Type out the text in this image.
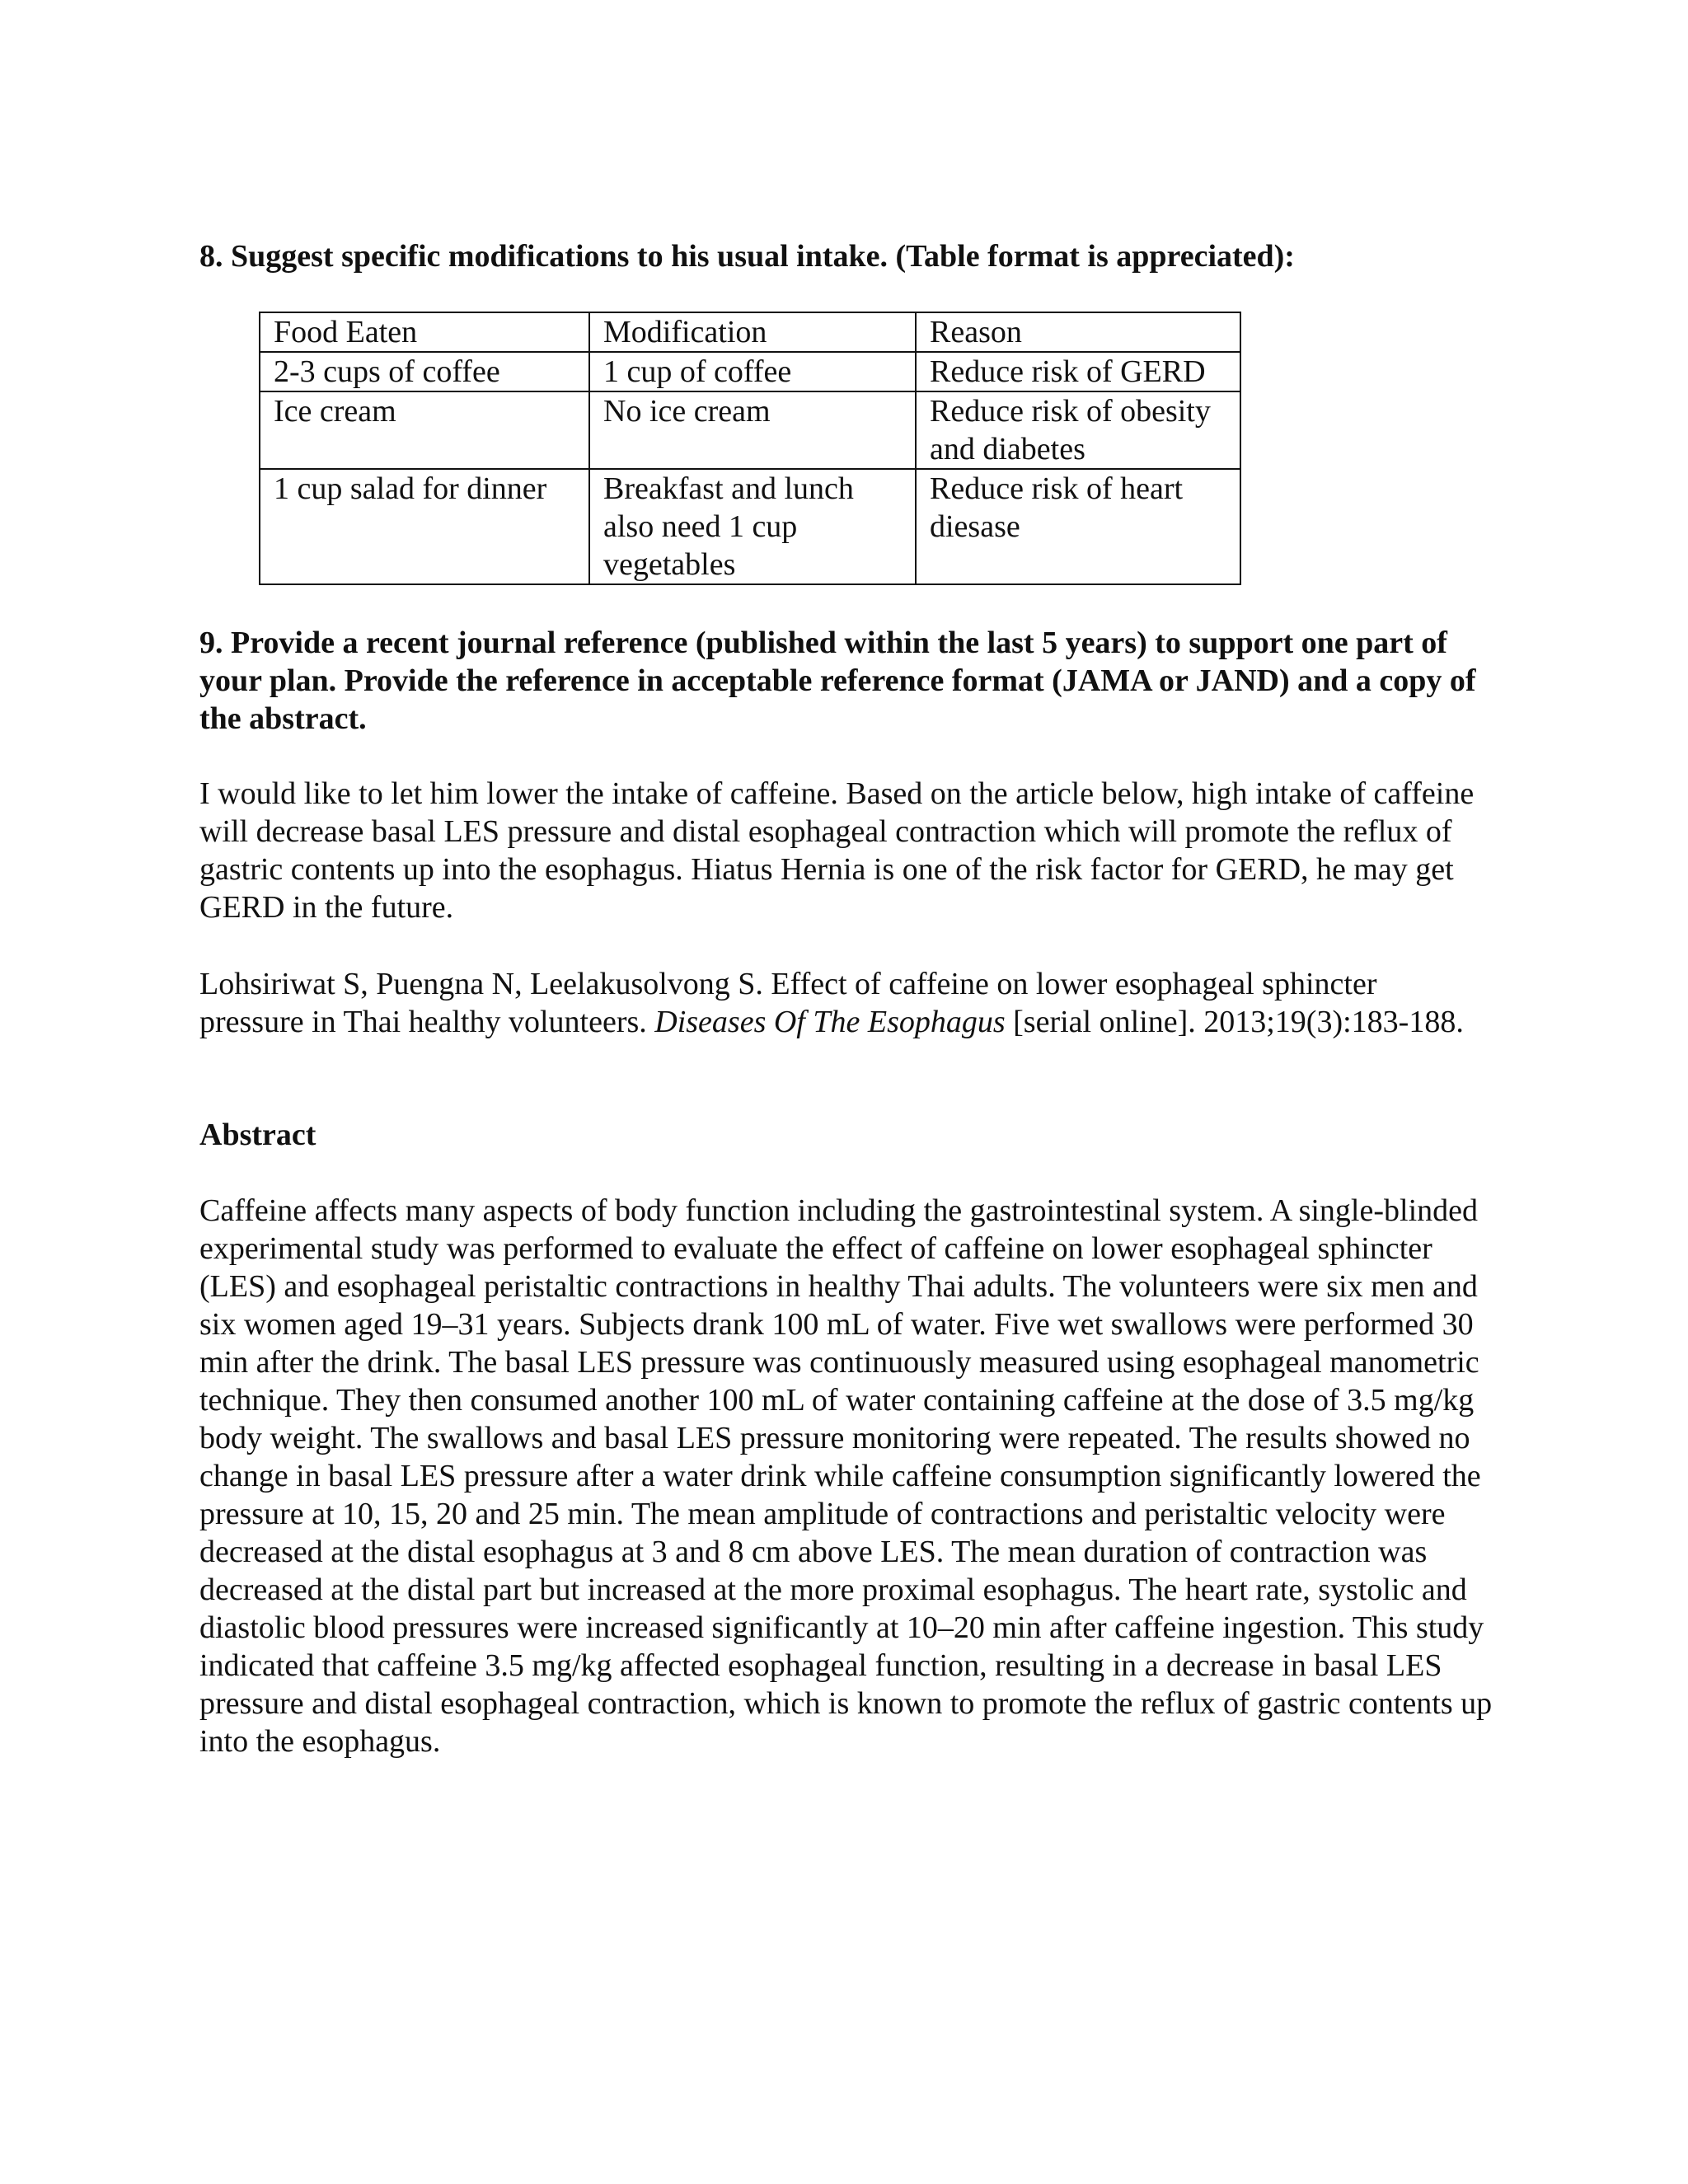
8. Suggest specific modifications to his usual intake. (Table format is appreciated):

Food Eaten	Modification	Reason
2-3 cups of coffee	1 cup of coffee	Reduce risk of GERD
Ice cream	No ice cream	Reduce risk of obesity and diabetes
1 cup salad for dinner	Breakfast and lunch also need 1 cup vegetables	Reduce risk of heart diesase

9. Provide a recent journal reference (published within the last 5 years) to support one part of your plan. Provide the reference in acceptable reference format (JAMA or JAND) and a copy of the abstract.

I would like to let him lower the intake of caffeine. Based on the article below, high intake of caffeine will decrease basal LES pressure and distal esophageal contraction which will promote the reflux of gastric contents up into the esophagus. Hiatus Hernia is one of the risk factor for GERD, he may get GERD in the future.

Lohsiriwat S, Puengna N, Leelakusolvong S. Effect of caffeine on lower esophageal sphincter pressure in Thai healthy volunteers. Diseases Of The Esophagus [serial online]. 2013;19(3):183-188.

Abstract

Caffeine affects many aspects of body function including the gastrointestinal system. A single-blinded experimental study was performed to evaluate the effect of caffeine on lower esophageal sphincter (LES) and esophageal peristaltic contractions in healthy Thai adults. The volunteers were six men and six women aged 19–31 years. Subjects drank 100 mL of water. Five wet swallows were performed 30 min after the drink. The basal LES pressure was continuously measured using esophageal manometric technique. They then consumed another 100 mL of water containing caffeine at the dose of 3.5 mg/kg body weight. The swallows and basal LES pressure monitoring were repeated. The results showed no change in basal LES pressure after a water drink while caffeine consumption significantly lowered the pressure at 10, 15, 20 and 25 min. The mean amplitude of contractions and peristaltic velocity were decreased at the distal esophagus at 3 and 8 cm above LES. The mean duration of contraction was decreased at the distal part but increased at the more proximal esophagus. The heart rate, systolic and diastolic blood pressures were increased significantly at 10–20 min after caffeine ingestion. This study indicated that caffeine 3.5 mg/kg affected esophageal function, resulting in a decrease in basal LES pressure and distal esophageal contraction, which is known to promote the reflux of gastric contents up into the esophagus.
